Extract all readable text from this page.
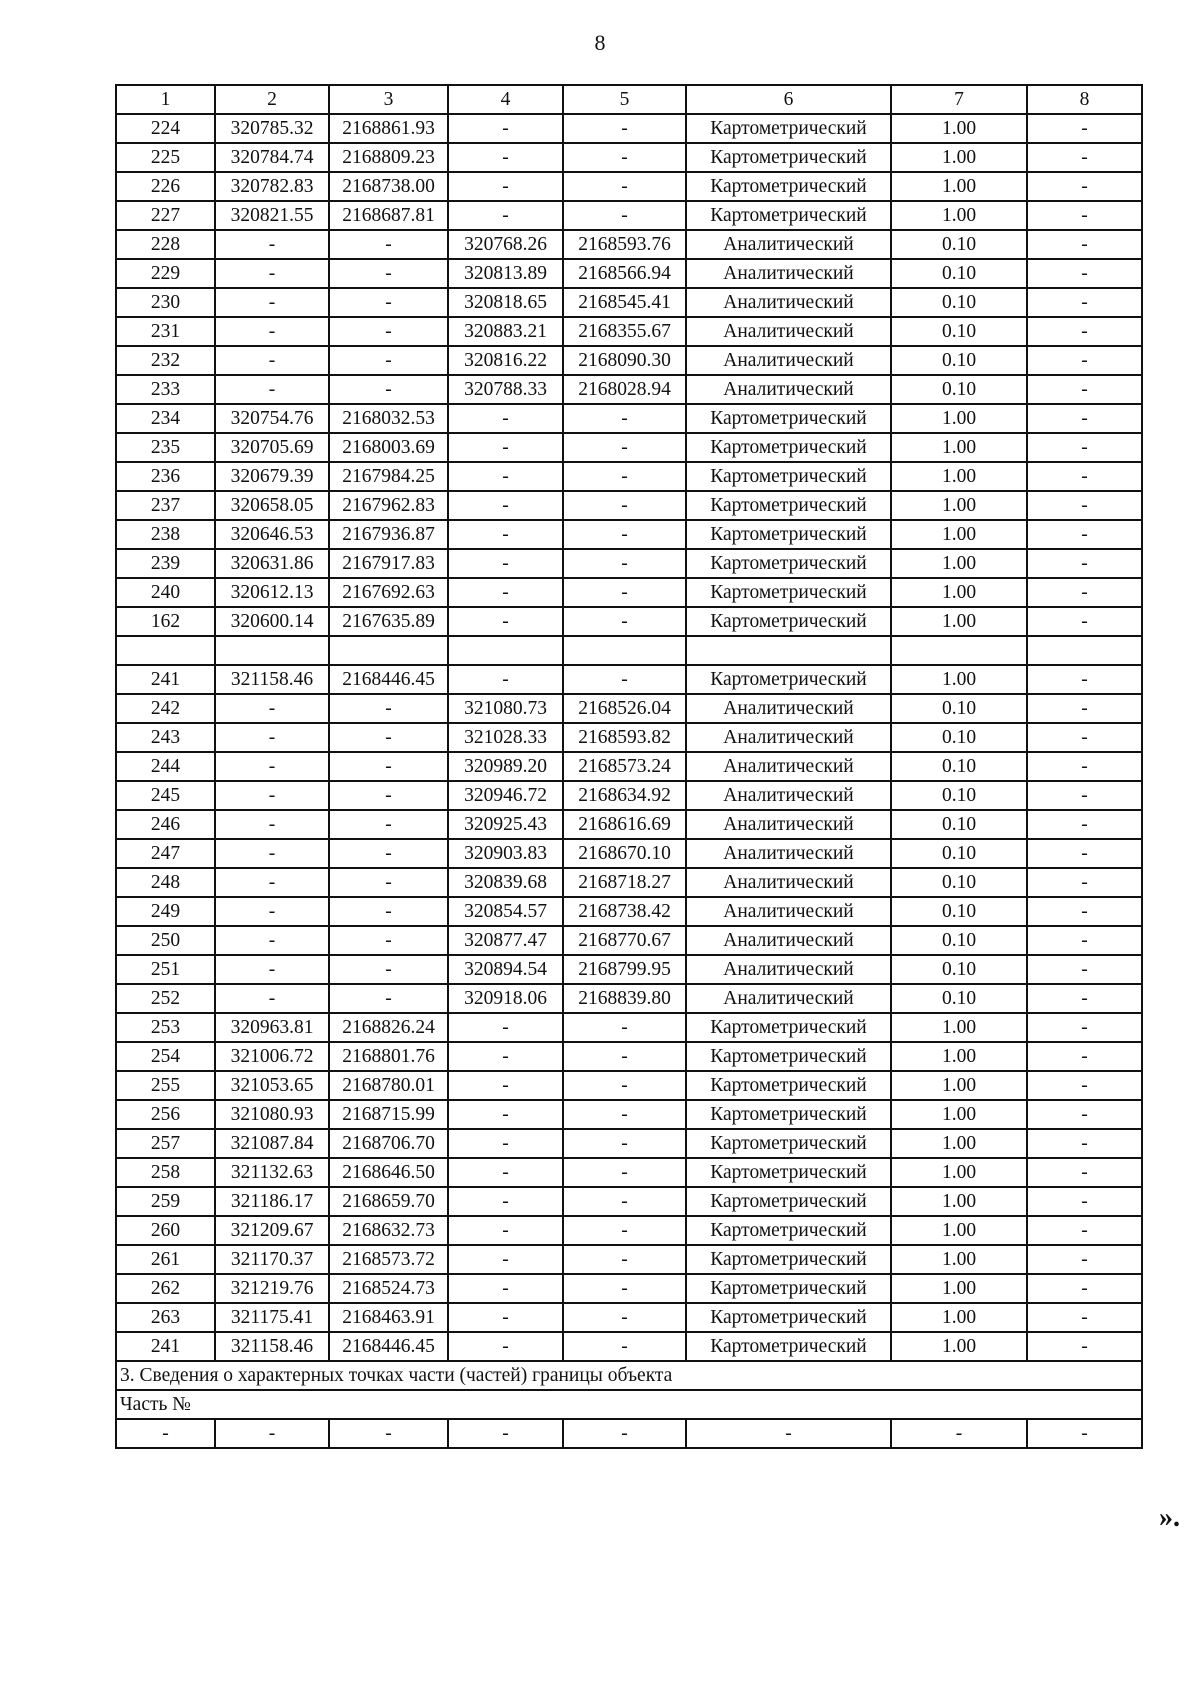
8
1	2	3	4	5	6	7	8
224	320785.32	2168861.93	-	-	Картометрический	1.00	-
225	320784.74	2168809.23	-	-	Картометрический	1.00	-
226	320782.83	2168738.00	-	-	Картометрический	1.00	-
227	320821.55	2168687.81	-	-	Картометрический	1.00	-
228	-	-	320768.26	2168593.76	Аналитический	0.10	-
229	-	-	320813.89	2168566.94	Аналитический	0.10	-
230	-	-	320818.65	2168545.41	Аналитический	0.10	-
231	-	-	320883.21	2168355.67	Аналитический	0.10	-
232	-	-	320816.22	2168090.30	Аналитический	0.10	-
233	-	-	320788.33	2168028.94	Аналитический	0.10	-
234	320754.76	2168032.53	-	-	Картометрический	1.00	-
235	320705.69	2168003.69	-	-	Картометрический	1.00	-
236	320679.39	2167984.25	-	-	Картометрический	1.00	-
237	320658.05	2167962.83	-	-	Картометрический	1.00	-
238	320646.53	2167936.87	-	-	Картометрический	1.00	-
239	320631.86	2167917.83	-	-	Картометрический	1.00	-
240	320612.13	2167692.63	-	-	Картометрический	1.00	-
162	320600.14	2167635.89	-	-	Картометрический	1.00	-

241	321158.46	2168446.45	-	-	Картометрический	1.00	-
242	-	-	321080.73	2168526.04	Аналитический	0.10	-
243	-	-	321028.33	2168593.82	Аналитический	0.10	-
244	-	-	320989.20	2168573.24	Аналитический	0.10	-
245	-	-	320946.72	2168634.92	Аналитический	0.10	-
246	-	-	320925.43	2168616.69	Аналитический	0.10	-
247	-	-	320903.83	2168670.10	Аналитический	0.10	-
248	-	-	320839.68	2168718.27	Аналитический	0.10	-
249	-	-	320854.57	2168738.42	Аналитический	0.10	-
250	-	-	320877.47	2168770.67	Аналитический	0.10	-
251	-	-	320894.54	2168799.95	Аналитический	0.10	-
252	-	-	320918.06	2168839.80	Аналитический	0.10	-
253	320963.81	2168826.24	-	-	Картометрический	1.00	-
254	321006.72	2168801.76	-	-	Картометрический	1.00	-
255	321053.65	2168780.01	-	-	Картометрический	1.00	-
256	321080.93	2168715.99	-	-	Картометрический	1.00	-
257	321087.84	2168706.70	-	-	Картометрический	1.00	-
258	321132.63	2168646.50	-	-	Картометрический	1.00	-
259	321186.17	2168659.70	-	-	Картометрический	1.00	-
260	321209.67	2168632.73	-	-	Картометрический	1.00	-
261	321170.37	2168573.72	-	-	Картометрический	1.00	-
262	321219.76	2168524.73	-	-	Картометрический	1.00	-
263	321175.41	2168463.91	-	-	Картометрический	1.00	-
241	321158.46	2168446.45	-	-	Картометрический	1.00	-
3. Сведения о характерных точках части (частей) границы объекта							
Часть №							
-	-	-	-	-	-	-	-
».
